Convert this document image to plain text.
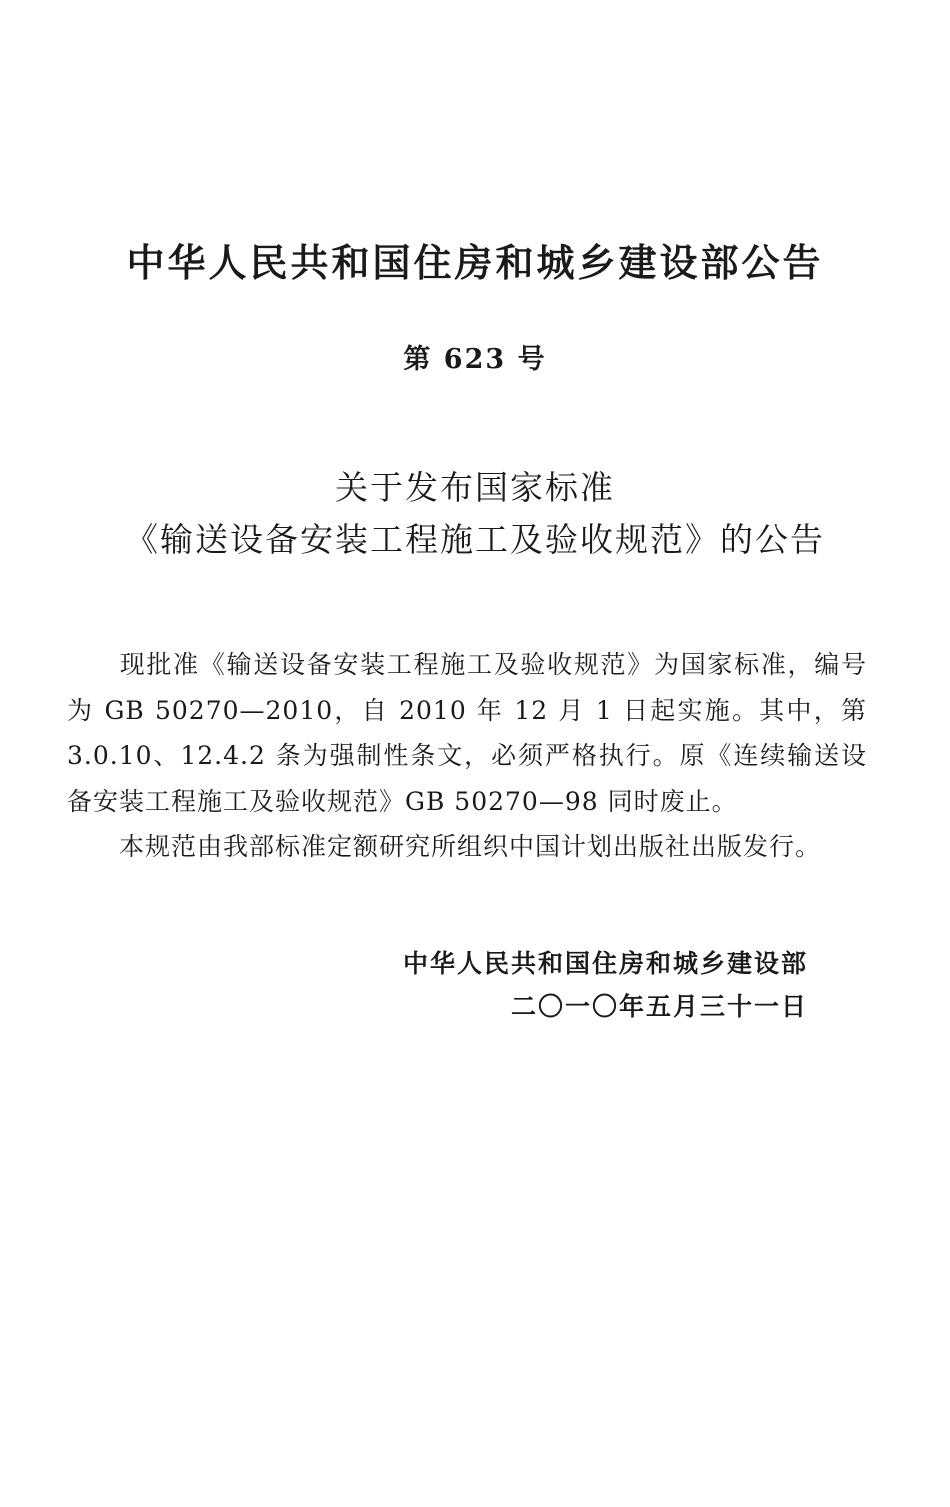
中华人民共和国住房和城乡建设部公告
第 623 号
关于发布国家标准
《输送设备安装工程施工及验收规范》的公告

现批准《输送设备安装工程施工及验收规范》为国家标准，编号为 GB 50270—2010，自 2010 年 12 月 1 日起实施。其中，第 3.0.10、12.4.2 条为强制性条文，必须严格执行。原《连续输送设备安装工程施工及验收规范》GB 50270—98 同时废止。

本规范由我部标准定额研究所组织中国计划出版社出版发行。

中华人民共和国住房和城乡建设部
二〇一〇年五月三十一日
